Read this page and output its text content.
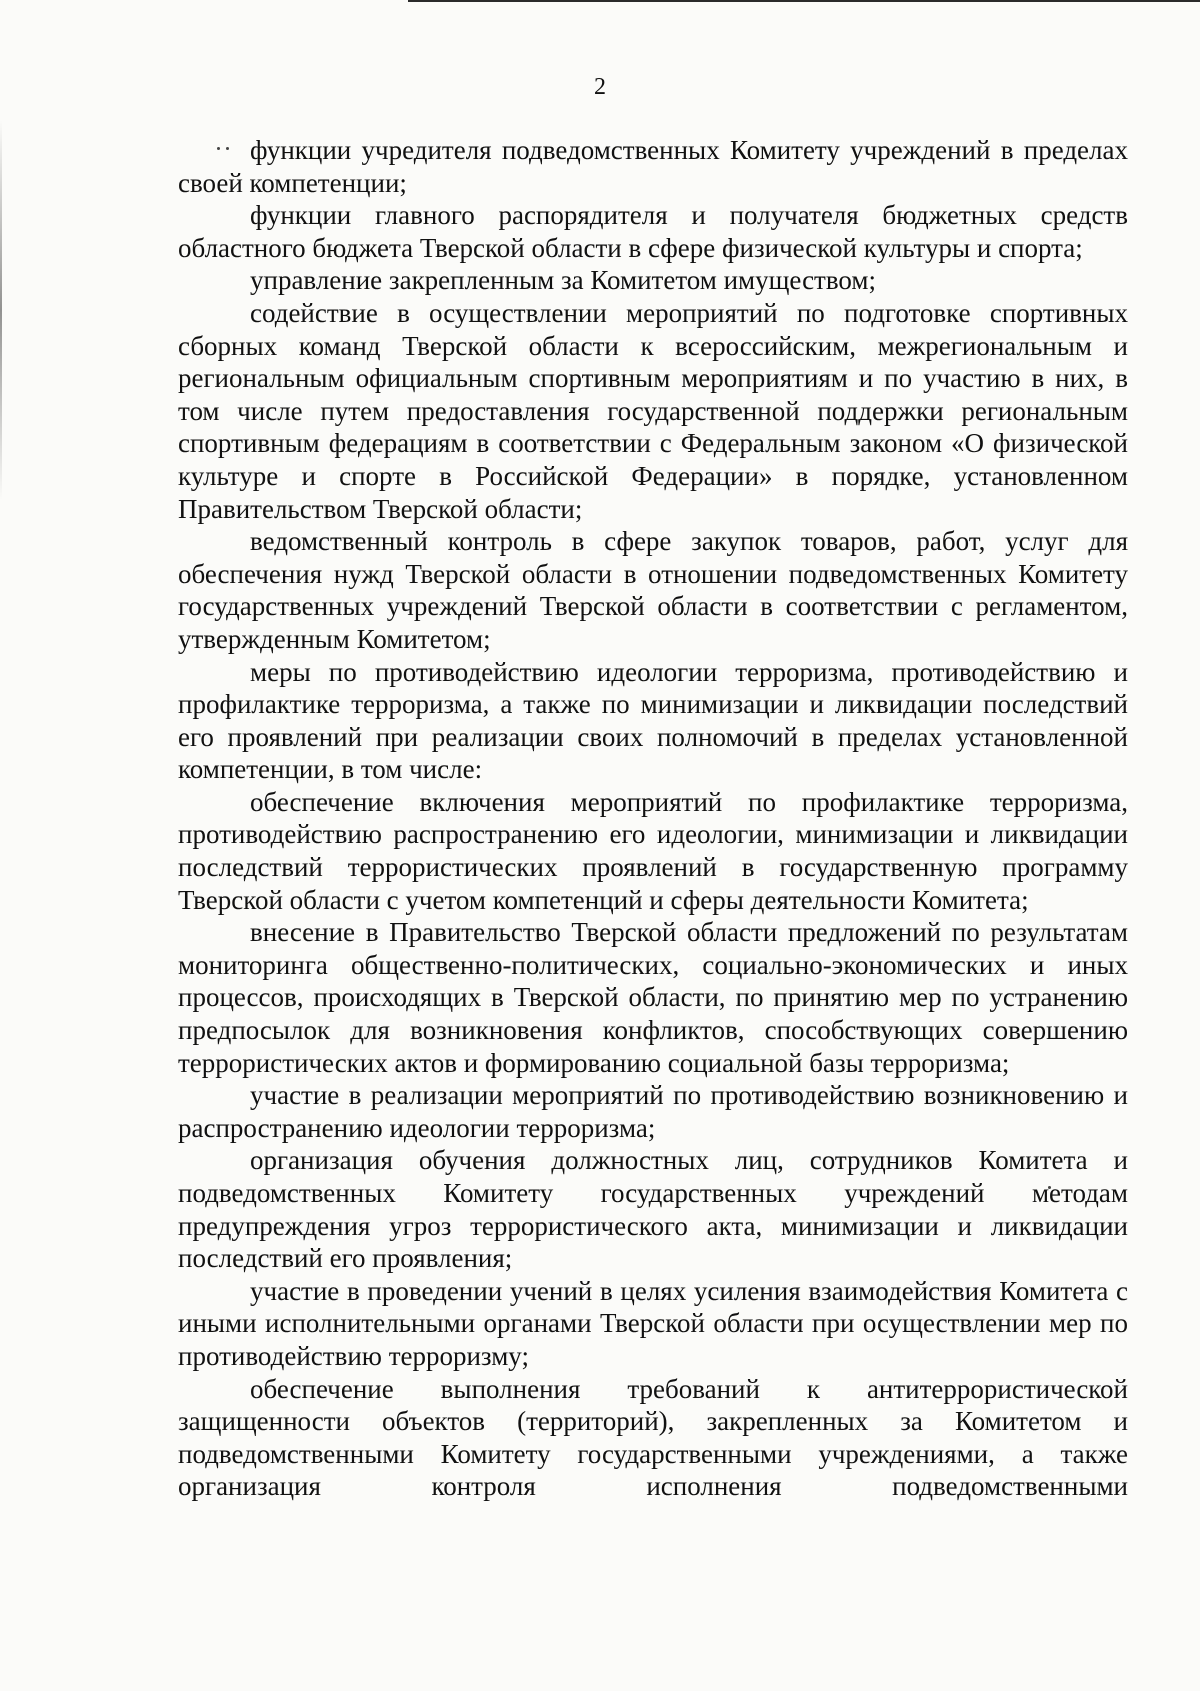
2

функции учредителя подведомственных Комитету учреждений в пределах своей компетенции;

функции главного распорядителя и получателя бюджетных средств областного бюджета Тверской области в сфере физической культуры и спорта;

управление закрепленным за Комитетом имуществом;

содействие в осуществлении мероприятий по подготовке спортивных сборных команд Тверской области к всероссийским, межрегиональным и региональным официальным спортивным мероприятиям и по участию в них, в том числе путем предоставления государственной поддержки региональным спортивным федерациям в соответствии с Федеральным законом «О физической культуре и спорте в Российской Федерации» в порядке, установленном Правительством Тверской области;

ведомственный контроль в сфере закупок товаров, работ, услуг для обеспечения нужд Тверской области в отношении подведомственных Комитету государственных учреждений Тверской области в соответствии с регламентом, утвержденным Комитетом;

меры по противодействию идеологии терроризма, противодействию и профилактике терроризма, а также по минимизации и ликвидации последствий его проявлений при реализации своих полномочий в пределах установленной компетенции, в том числе:

обеспечение включения мероприятий по профилактике терроризма, противодействию распространению его идеологии, минимизации и ликвидации последствий террористических проявлений в государственную программу Тверской области с учетом компетенций и сферы деятельности Комитета;

внесение в Правительство Тверской области предложений по результатам мониторинга общественно-политических, социально-экономических и иных процессов, происходящих в Тверской области, по принятию мер по устранению предпосылок для возникновения конфликтов, способствующих совершению террористических актов и формированию социальной базы терроризма;

участие в реализации мероприятий по противодействию возникновению и распространению идеологии терроризма;

организация обучения должностных лиц, сотрудников Комитета и подведомственных Комитету государственных учреждений методам предупреждения угроз террористического акта, минимизации и ликвидации последствий его проявления;

участие в проведении учений в целях усиления взаимодействия Комитета с иными исполнительными органами Тверской области при осуществлении мер по противодействию терроризму;

обеспечение выполнения требований к антитеррористической защищенности объектов (территорий), закрепленных за Комитетом и подведомственными Комитету государственными учреждениями, а также организация контроля исполнения подведомственными
